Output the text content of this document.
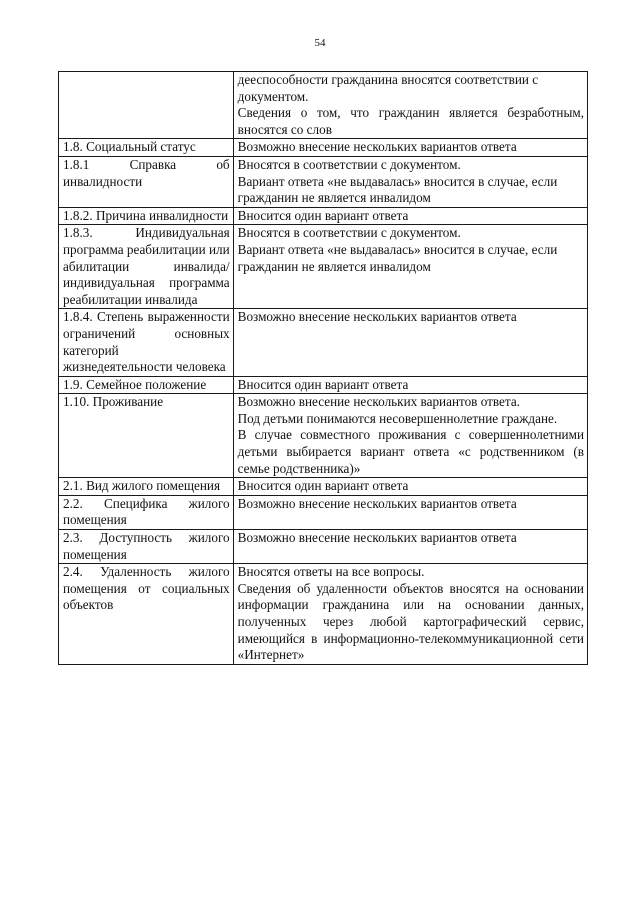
54

	дееспособности гражданина вносятся соответствии с документом.
Сведения о том, что гражданин является безработным, вносятся со слов

1.8. Социальный статус	Возможно внесение нескольких вариантов ответа

1.8.1 Справка об инвалидности	Вносятся в соответствии с документом.
Вариант ответа «не выдавалась» вносится в случае, если гражданин не является инвалидом

1.8.2. Причина инвалидности	Вносится один вариант ответа

1.8.3. Индивидуальная программа реабилитации или абилитации инвалида/ индивидуальная программа реабилитации инвалида	Вносятся в соответствии с документом.
Вариант ответа «не выдавалась» вносится в случае, если гражданин не является инвалидом

1.8.4. Степень выраженности ограничений основных категорий жизнедеятельности человека	Возможно внесение нескольких вариантов ответа

1.9. Семейное положение	Вносится один вариант ответа

1.10. Проживание	Возможно внесение нескольких вариантов ответа.
Под детьми понимаются несовершеннолетние граждане.
В случае совместного проживания с совершеннолетними детьми выбирается вариант ответа «с родственником (в семье родственника)»

2.1. Вид жилого помещения	Вносится один вариант ответа

2.2. Специфика жилого помещения	Возможно внесение нескольких вариантов ответа

2.3. Доступность жилого помещения	Возможно внесение нескольких вариантов ответа

2.4. Удаленность жилого помещения от социальных объектов	Вносятся ответы на все вопросы.
Сведения об удаленности объектов вносятся на основании информации гражданина или на основании данных, полученных через любой картографический сервис, имеющийся в информационно-телекоммуникационной сети «Интернет»
